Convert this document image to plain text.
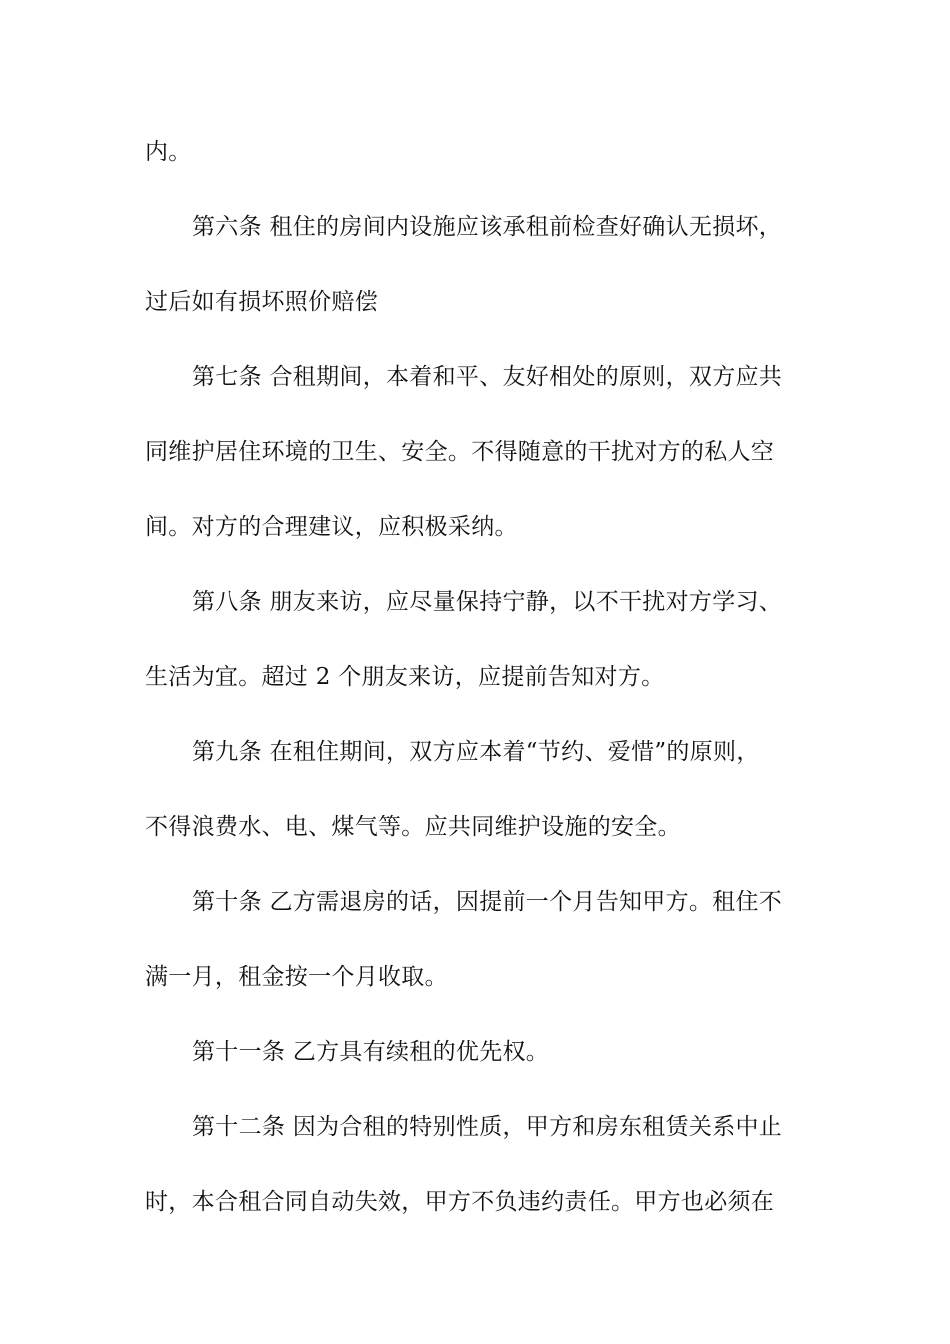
内。
第六条 租住的房间内设施应该承租前检查好确认无损坏，
过后如有损坏照价赔偿
第七条 合租期间，本着和平、友好相处的原则，双方应共
同维护居住环境的卫生、安全。不得随意的干扰对方的私人空
间。对方的合理建议，应积极采纳。
第八条 朋友来访，应尽量保持宁静，以不干扰对方学习、
生活为宜。超过 2 个朋友来访，应提前告知对方。
第九条 在租住期间，双方应本着“节约、爱惜”的原则，
不得浪费水、电、煤气等。应共同维护设施的安全。
第十条 乙方需退房的话，因提前一个月告知甲方。租住不
满一月，租金按一个月收取。
第十一条 乙方具有续租的优先权。
第十二条 因为合租的特别性质，甲方和房东租赁关系中止
时，本合租合同自动失效，甲方不负违约责任。甲方也必须在
